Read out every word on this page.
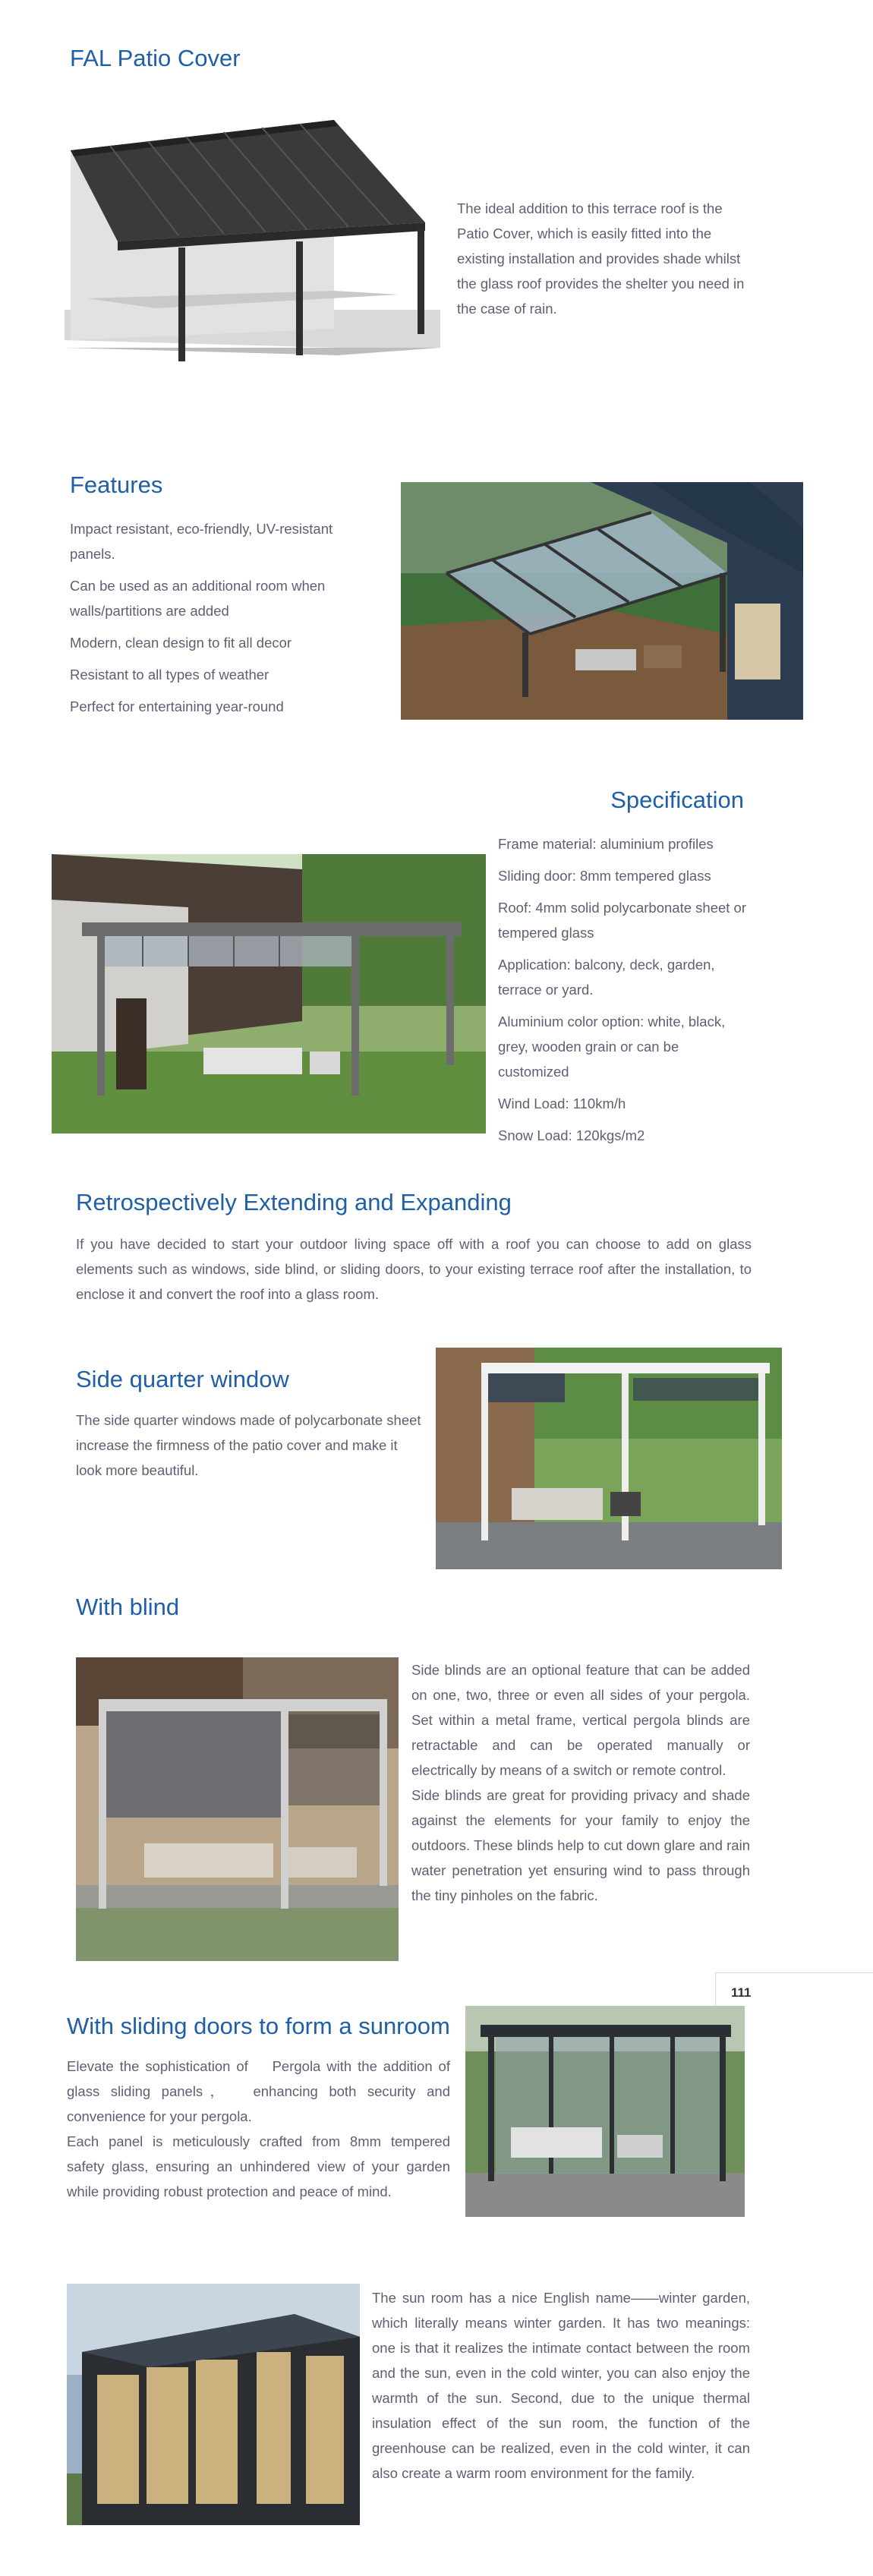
FAL Patio Cover

The ideal addition to this terrace roof is the Patio Cover, which is easily fitted into the existing installation and provides shade whilst the glass roof provides the shelter you need in the case of rain.

Features

Impact resistant, eco-friendly, UV-resistant panels.

Can be used as an additional room when walls/partitions are added

Modern, clean design to fit all decor

Resistant to all types of weather

Perfect for entertaining year-round

Specification

Frame material: aluminium profiles

Sliding door: 8mm tempered glass

Roof: 4mm solid polycarbonate sheet or tempered glass

Application: balcony, deck, garden, terrace or yard.

Aluminium color option: white, black, grey, wooden grain or can be customized

Wind Load: 110km/h

Snow Load: 120kgs/m2

Retrospectively Extending and Expanding

If you have decided to start your outdoor living space off with a roof you can choose to add on glass elements such as windows, side blind, or sliding doors, to your existing terrace roof after the installation, to enclose it and convert the roof into a glass room.

Side quarter window

The side quarter windows made of polycarbonate sheet increase the firmness of the patio cover and make it look more beautiful.

With blind

Side blinds are an optional feature that can be added on one, two, three or even all sides of your pergola. Set within a metal frame, vertical pergola blinds are retractable and can be operated manually or electrically by means of a switch or remote control.

Side blinds are great for providing privacy and shade against the elements for your family to enjoy the outdoors. These blinds help to cut down glare and rain water penetration yet ensuring wind to pass through the tiny pinholes on the fabric.

111
With sliding doors to form a sunroom

Elevate the sophistication of    Pergola with the addition of glass sliding panels，  enhancing both security and convenience for your pergola.

Each panel is meticulously crafted from 8mm tempered safety glass, ensuring an unhindered view of your garden while providing robust protection and peace of mind.

The sun room has a nice English name——winter garden, which literally means winter garden. It has two meanings: one is that it realizes the intimate contact between the room and the sun, even in the cold winter, you can also enjoy the warmth of the sun. Second, due to the unique thermal insulation effect of the sun room, the function of the greenhouse can be realized, even in the cold winter, it can also create a warm room environment for the family.
